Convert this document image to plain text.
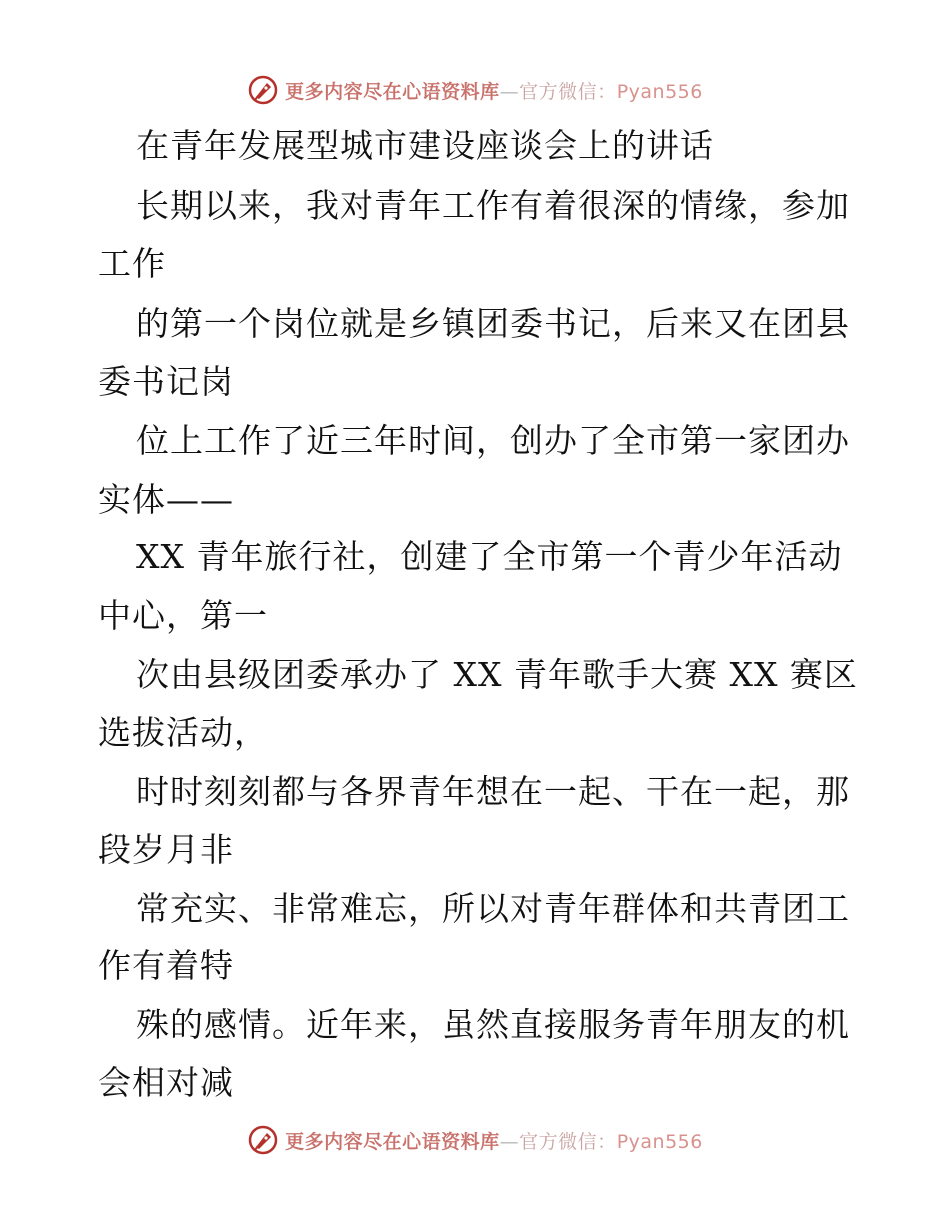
更多内容尽在心语资料库—官方微信：Pyan556

在青年发展型城市建设座谈会上的讲话

长期以来，我对青年工作有着很深的情缘，参加

工作

的第一个岗位就是乡镇团委书记，后来又在团县

委书记岗

位上工作了近三年时间，创办了全市第一家团办

实体——

XX 青年旅行社，创建了全市第一个青少年活动

中心，第一

次由县级团委承办了 XX 青年歌手大赛 XX 赛区

选拔活动，

时时刻刻都与各界青年想在一起、干在一起，那

段岁月非

常充实、非常难忘，所以对青年群体和共青团工

作有着特

殊的感情。近年来，虽然直接服务青年朋友的机

会相对减

更多内容尽在心语资料库—官方微信：Pyan556
